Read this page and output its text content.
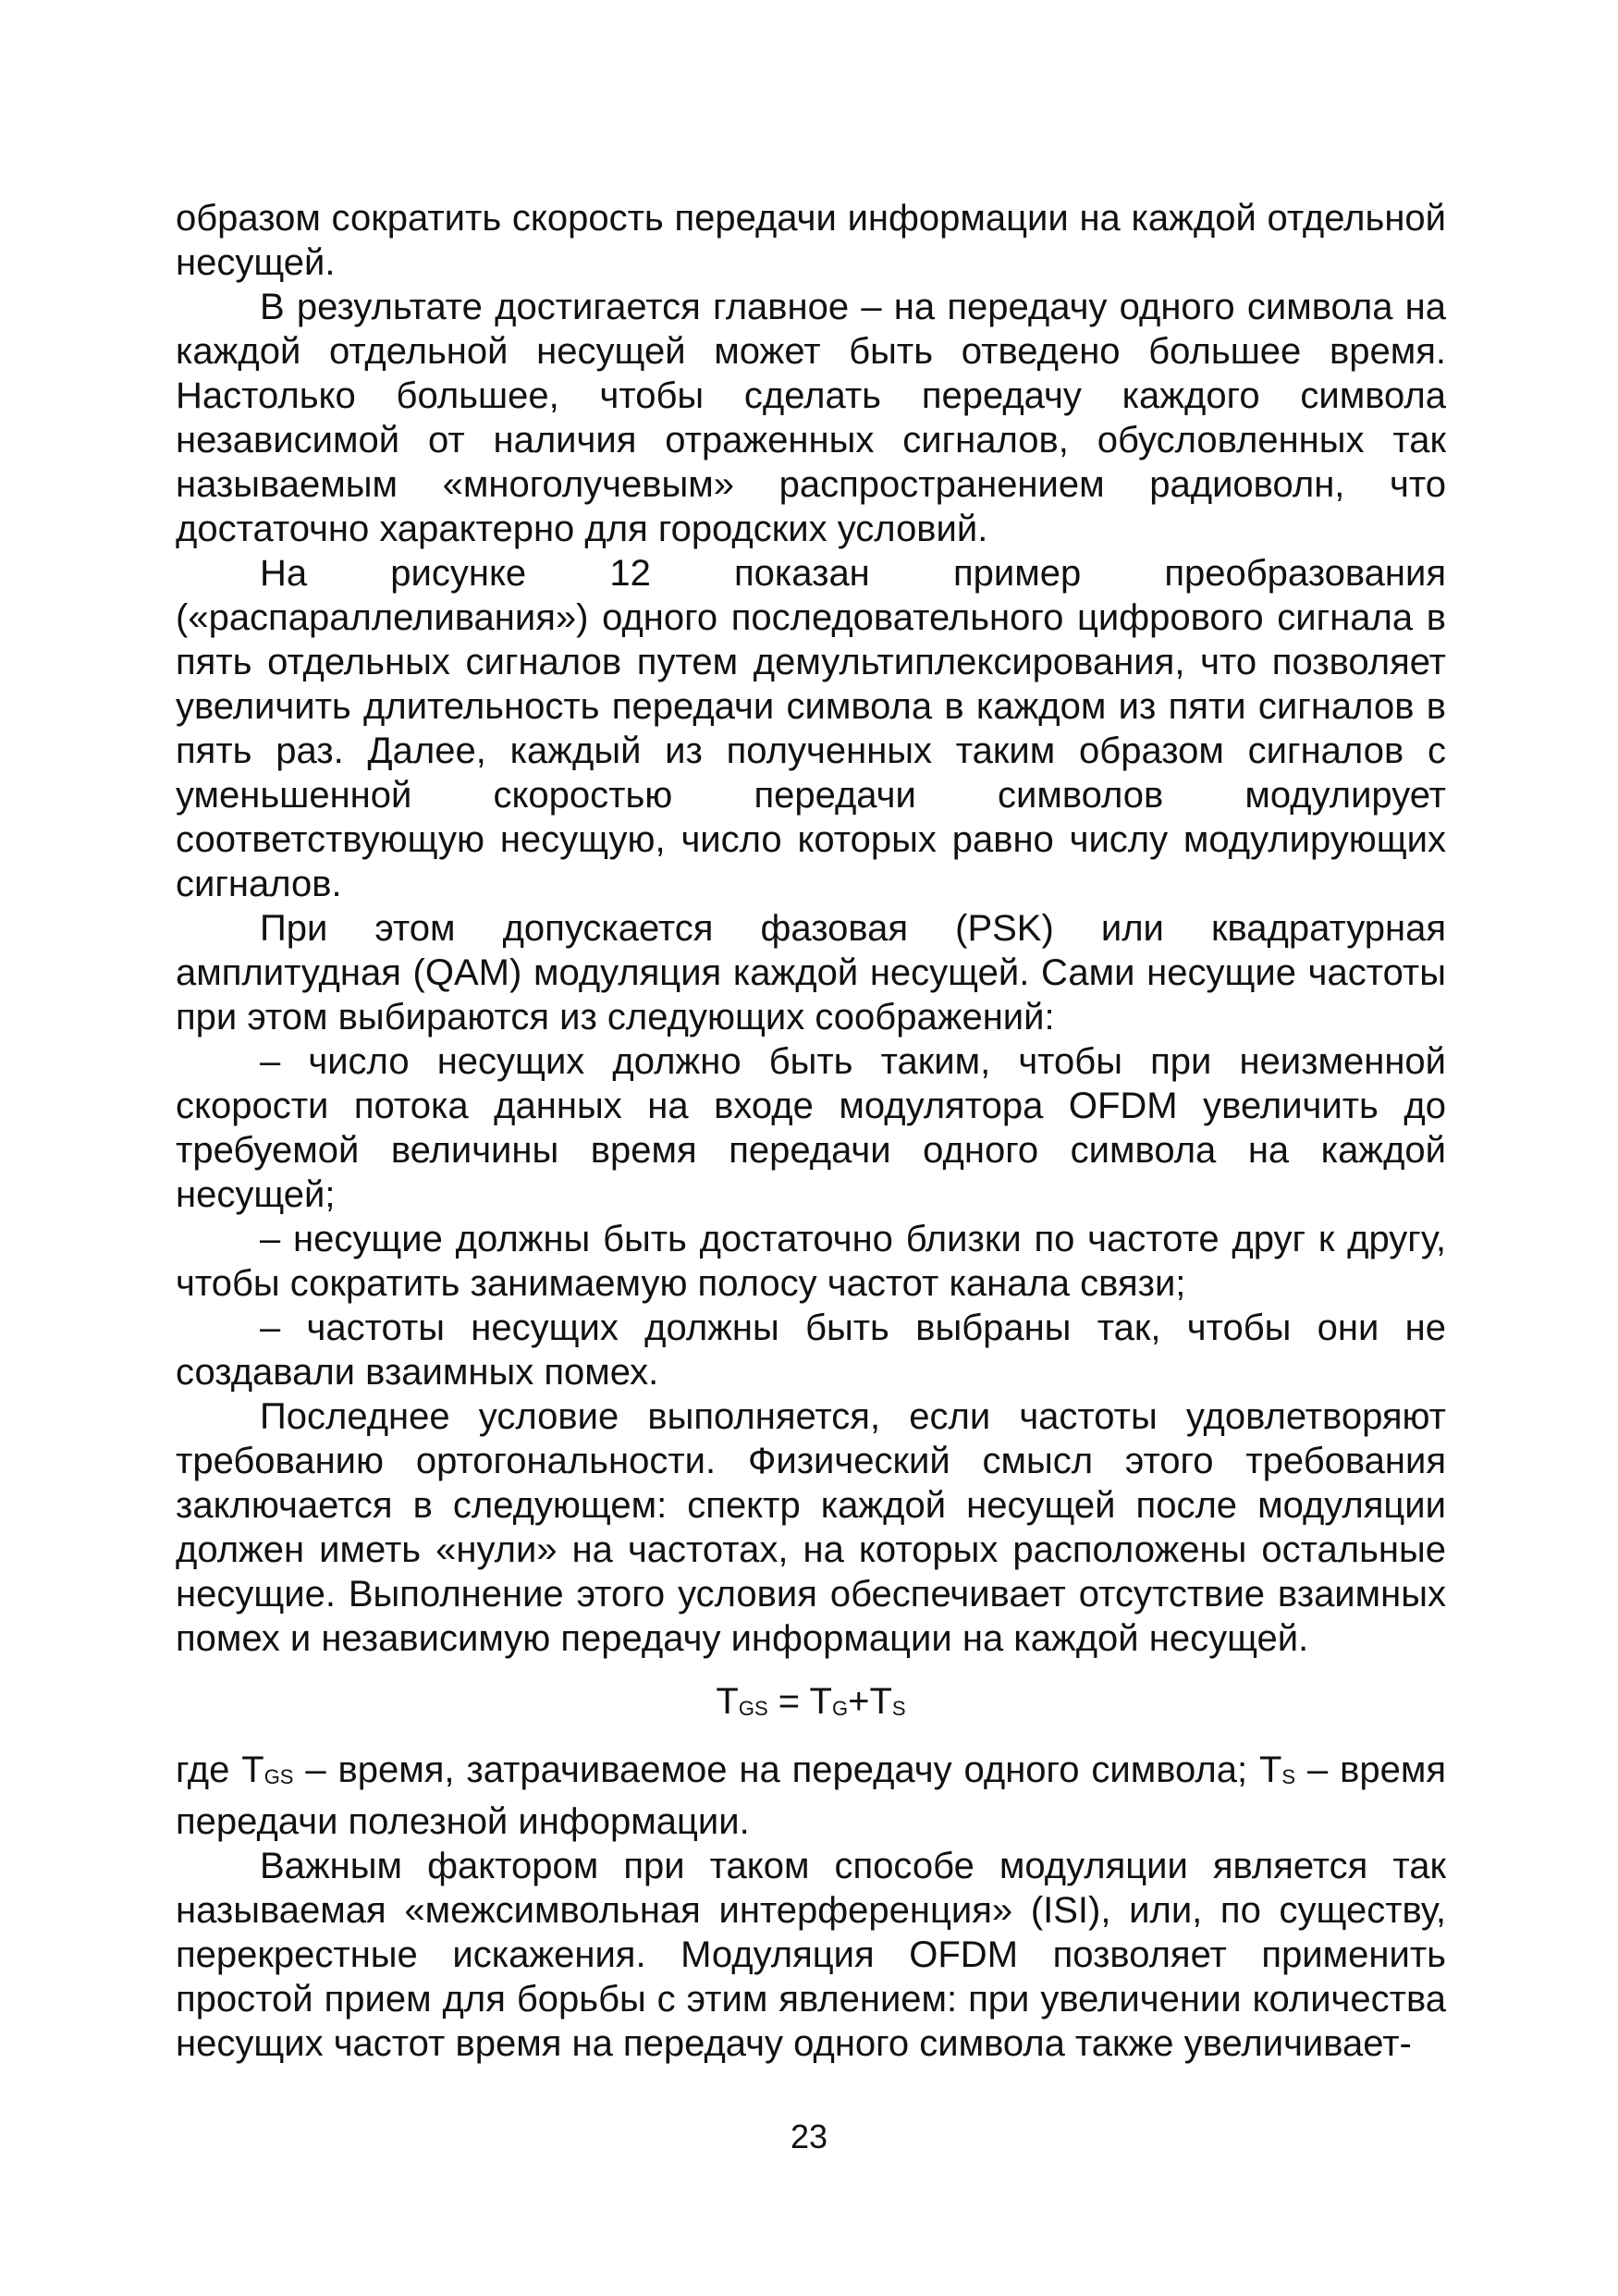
образом сократить скорость передачи информации на каждой отдельной несущей.

В результате достигается главное – на передачу одного символа на каждой отдельной несущей может быть отведено большее время. Настолько большее, чтобы сделать передачу каждого символа независимой от наличия отраженных сигналов, обусловленных так называемым «многолучевым» распространением радиоволн, что достаточно характерно для городских условий.

На рисунке 12 показан пример преобразования («распараллеливания») одного последовательного цифрового сигнала в пять отдельных сигналов путем демультиплексирования, что позволяет увеличить длительность передачи символа в каждом из пяти сигналов в пять раз. Далее, каждый из полученных таким образом сигналов с уменьшенной скоростью передачи символов модулирует соответствующую несущую, число которых равно числу модулирующих сигналов.

При этом допускается фазовая (PSK) или квадратурная амплитудная (QAM) модуляция каждой несущей. Сами несущие частоты при этом выбираются из следующих соображений:

– число несущих должно быть таким, чтобы при неизменной скорости потока данных на входе модулятора OFDM увеличить до требуемой величины время передачи одного символа на каждой несущей;

– несущие должны быть достаточно близки по частоте друг к другу, чтобы сократить занимаемую полосу частот канала связи;

– частоты несущих должны быть выбраны так, чтобы они не создавали взаимных помех.

Последнее условие выполняется, если частоты удовлетворяют требованию ортогональности. Физический смысл этого требования заключается в следующем: спектр каждой несущей после модуляции должен иметь «нули» на частотах, на которых расположены остальные несущие. Выполнение этого условия обеспечивает отсутствие взаимных помех и независимую передачу информации на каждой несущей.

TGS = TG+TS

где TGS – время, затрачиваемое на передачу одного символа; TS – время передачи полезной информации.

Важным фактором при таком способе модуляции является так называемая «межсимвольная интерференция» (ISI), или, по существу, перекрестные искажения. Модуляция OFDM позволяет применить простой прием для борьбы с этим явлением: при увеличении количества несущих частот время на передачу одного символа также увеличивает-

23
